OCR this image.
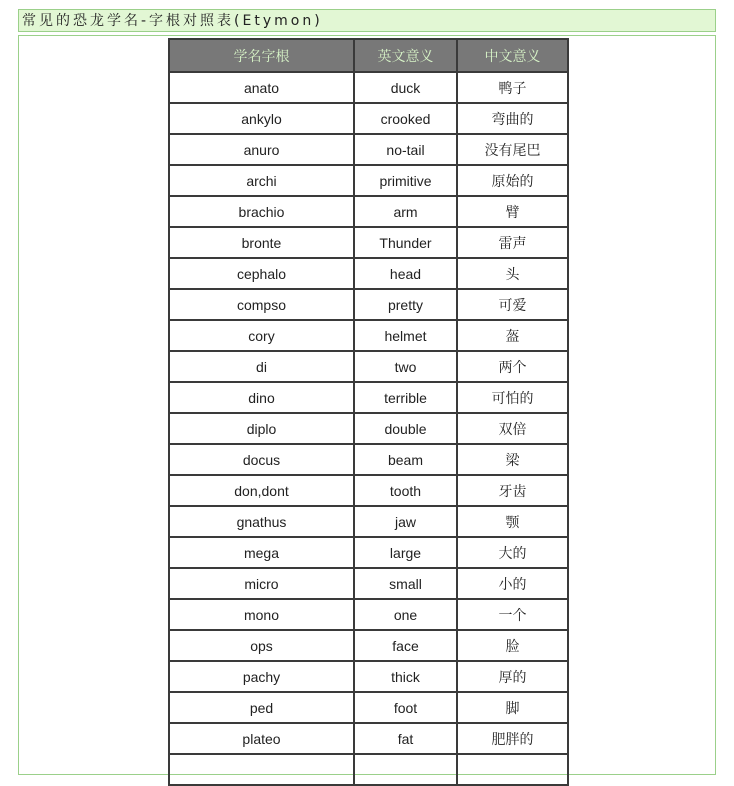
常见的恐龙学名-字根对照表(Etymon)
学名字根	英文意义	中文意义
anato	duck	鸭子
ankylo	crooked	弯曲的
anuro	no-tail	没有尾巴
archi	primitive	原始的
brachio	arm	臂
bronte	Thunder	雷声
cephalo	head	头
compso	pretty	可爱
cory	helmet	盔
di	two	两个
dino	terrible	可怕的
diplo	double	双倍
docus	beam	梁
don,dont	tooth	牙齿
gnathus	jaw	颚
mega	large	大的
micro	small	小的
mono	one	一个
ops	face	脸
pachy	thick	厚的
ped	foot	脚
plateo	fat	肥胖的
